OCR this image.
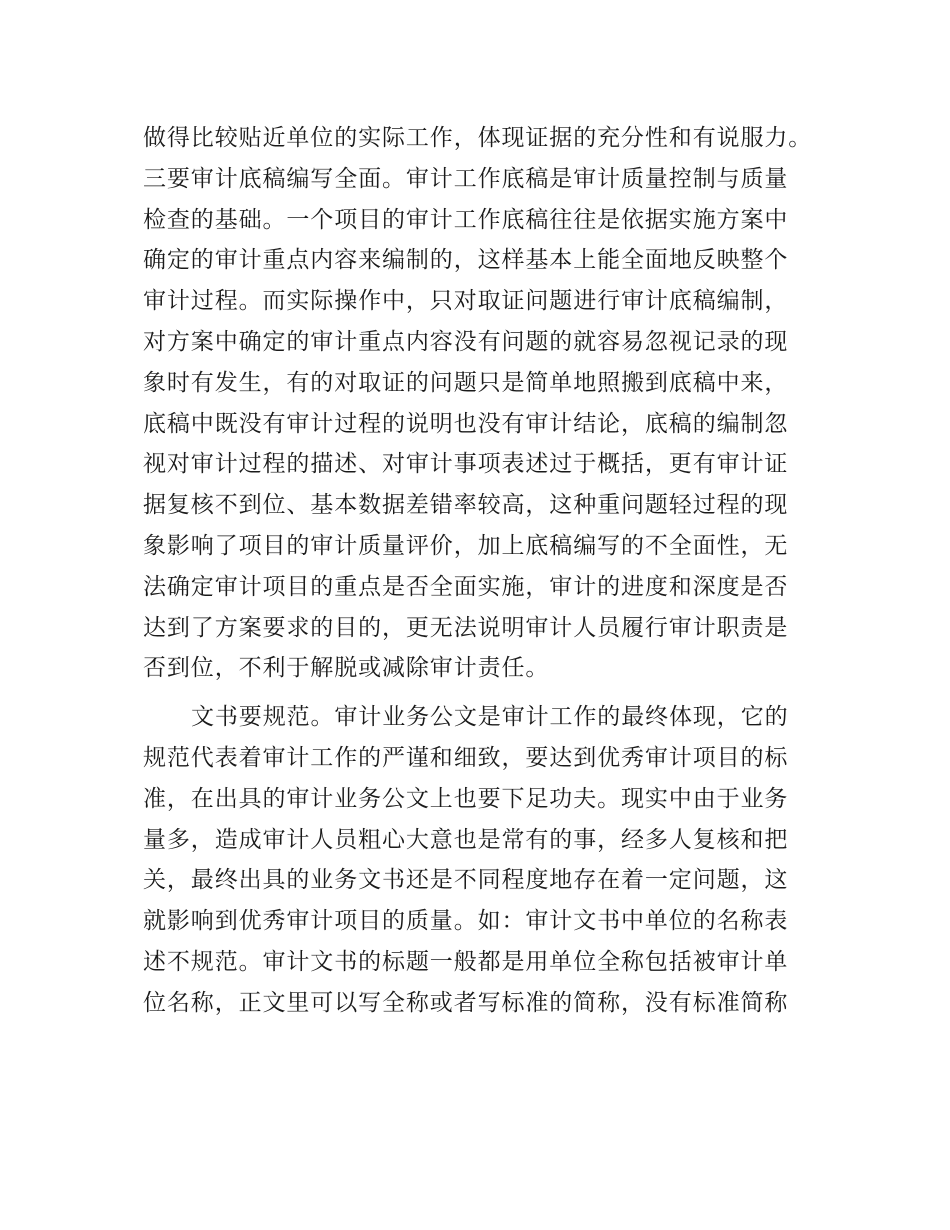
做得比较贴近单位的实际工作，体现证据的充分性和有说服力。
三要审计底稿编写全面。审计工作底稿是审计质量控制与质量
检查的基础。一个项目的审计工作底稿往往是依据实施方案中
确定的审计重点内容来编制的，这样基本上能全面地反映整个
审计过程。而实际操作中，只对取证问题进行审计底稿编制，
对方案中确定的审计重点内容没有问题的就容易忽视记录的现
象时有发生，有的对取证的问题只是简单地照搬到底稿中来，
底稿中既没有审计过程的说明也没有审计结论，底稿的编制忽
视对审计过程的描述、对审计事项表述过于概括，更有审计证
据复核不到位、基本数据差错率较高，这种重问题轻过程的现
象影响了项目的审计质量评价，加上底稿编写的不全面性，无
法确定审计项目的重点是否全面实施，审计的进度和深度是否
达到了方案要求的目的，更无法说明审计人员履行审计职责是
否到位，不利于解脱或减除审计责任。
文书要规范。审计业务公文是审计工作的最终体现，它的
规范代表着审计工作的严谨和细致，要达到优秀审计项目的标
准，在出具的审计业务公文上也要下足功夫。现实中由于业务
量多，造成审计人员粗心大意也是常有的事，经多人复核和把
关，最终出具的业务文书还是不同程度地存在着一定问题，这
就影响到优秀审计项目的质量。如：审计文书中单位的名称表
述不规范。审计文书的标题一般都是用单位全称包括被审计单
位名称，正文里可以写全称或者写标准的简称，没有标准简称
